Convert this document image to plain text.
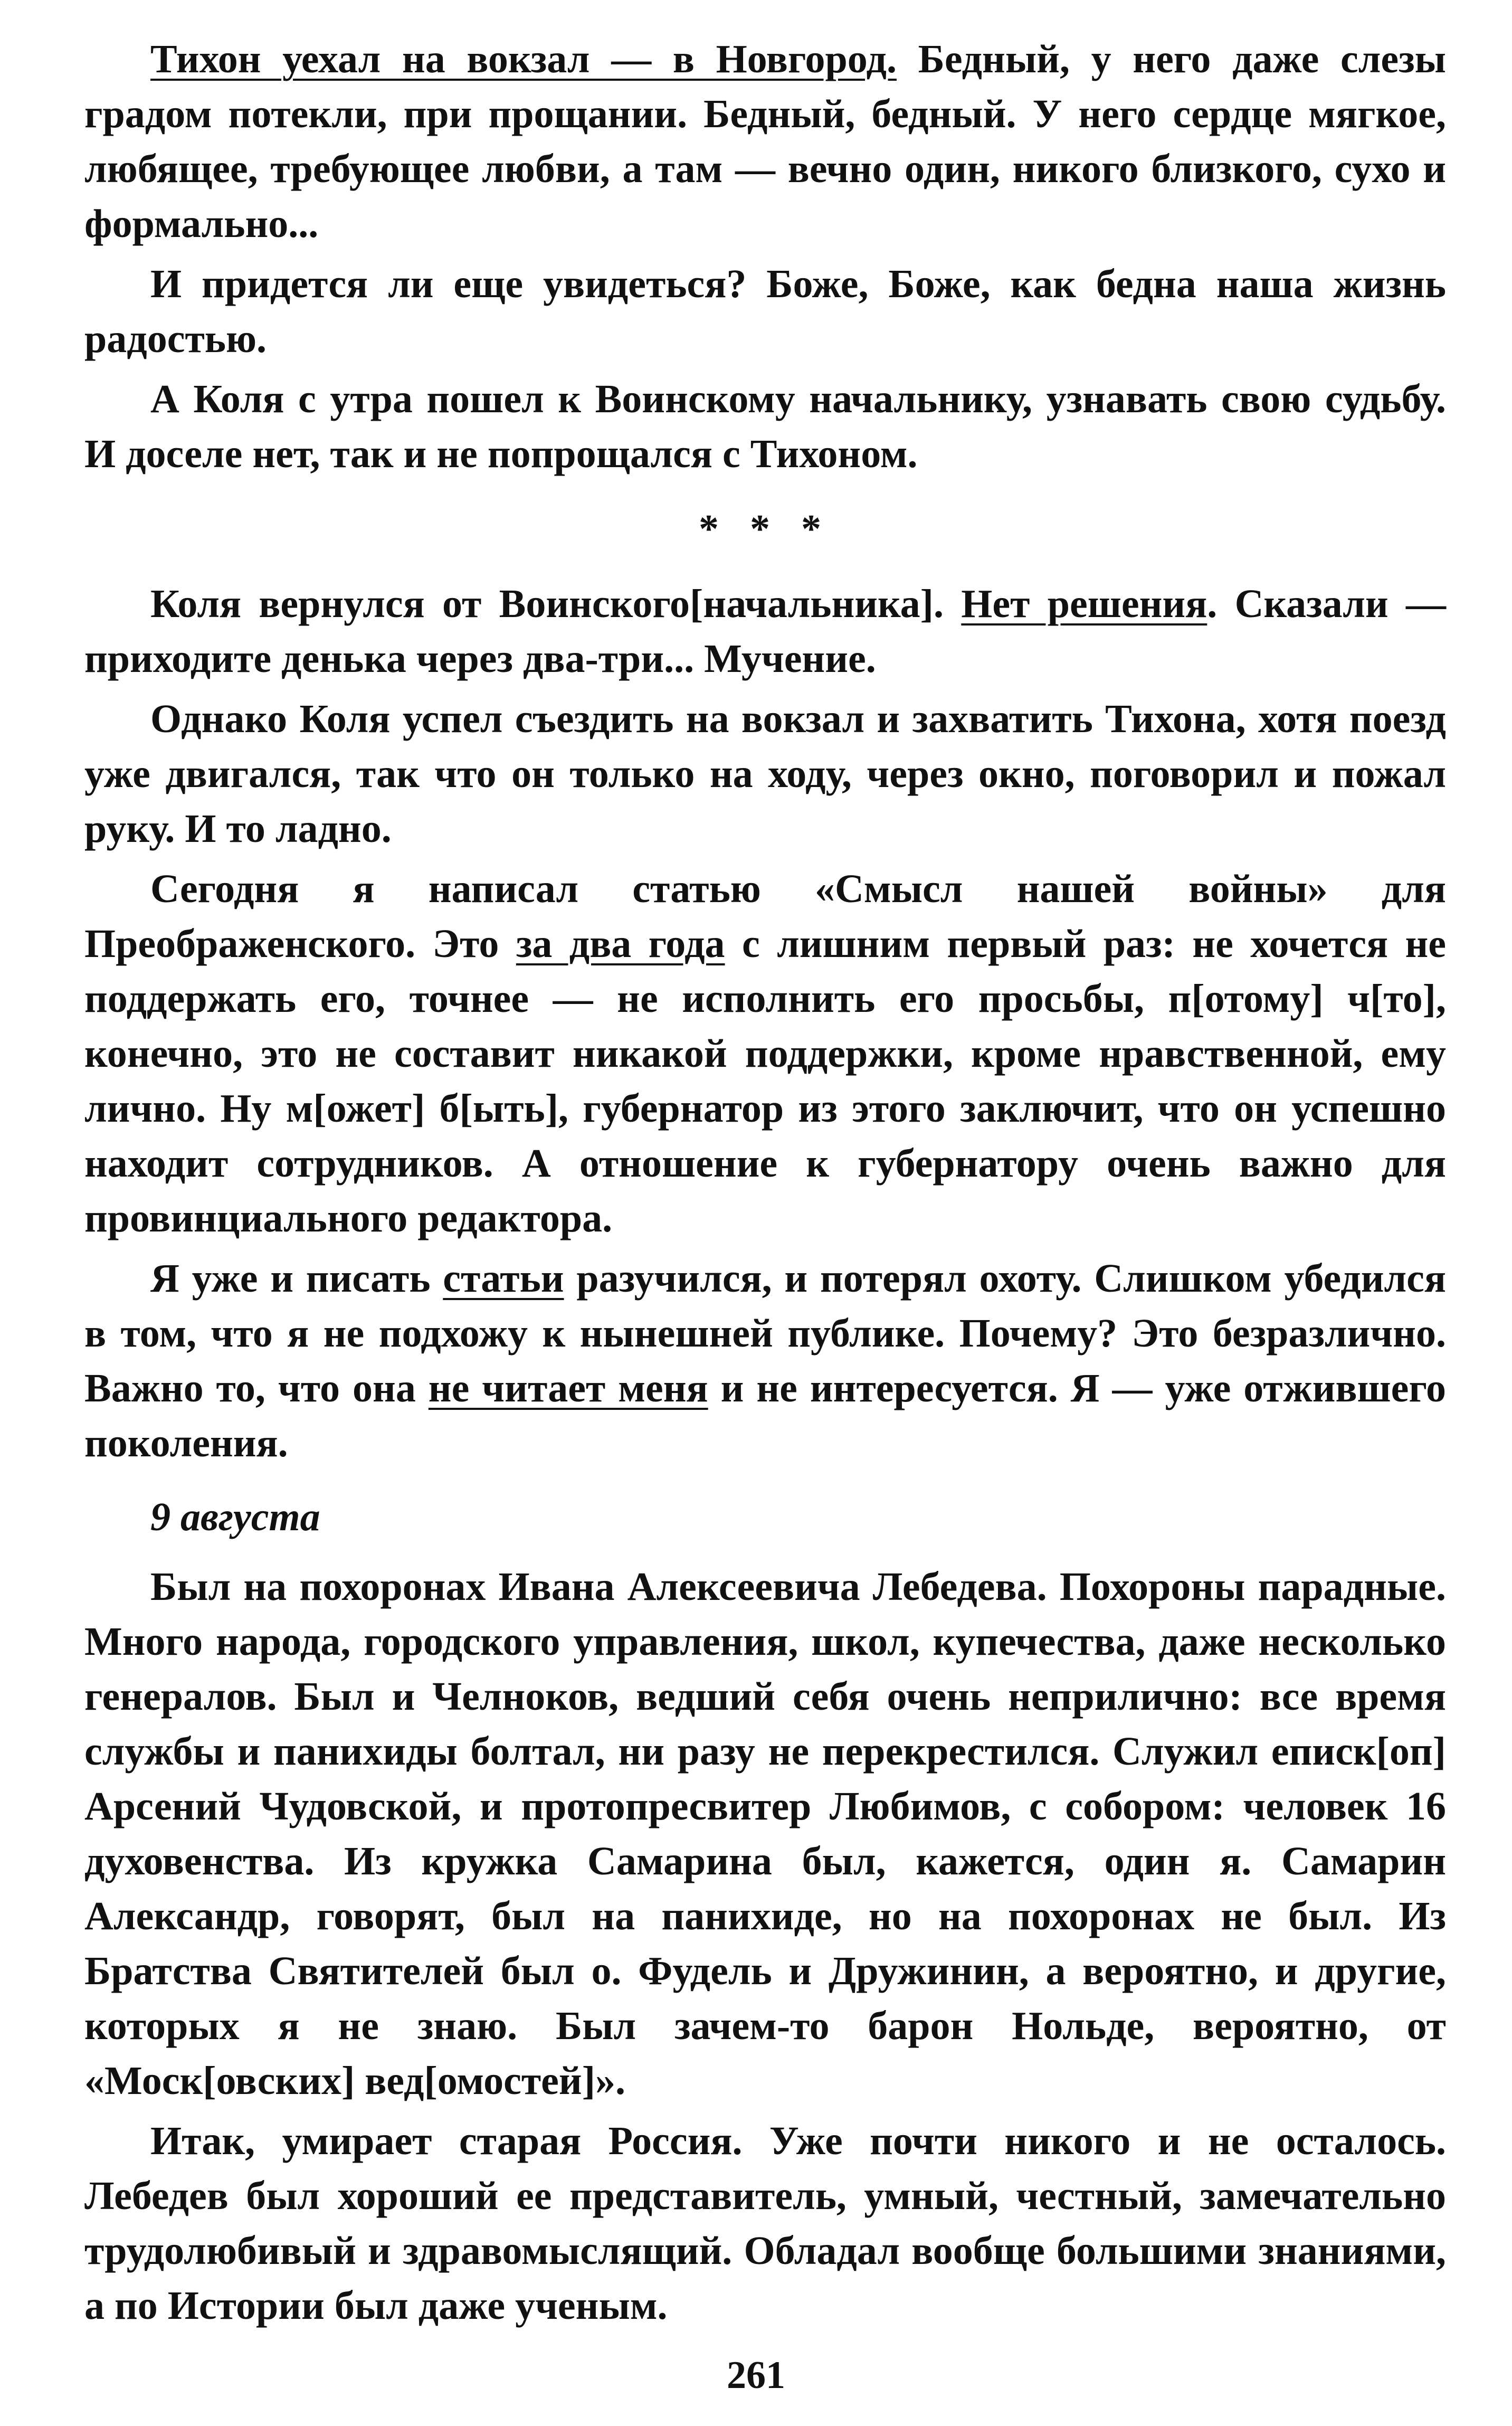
Тихон уехал на вокзал — в Новгород. Бедный, у него даже слезы градом потекли, при прощании. Бедный, бедный. У него сердце мягкое, любящее, требующее любви, а там — вечно один, никого близкого, сухо и формально...

И придется ли еще увидеться? Боже, Боже, как бедна наша жизнь радостью.

А Коля с утра пошел к Воинскому начальнику, узнавать свою судьбу. И доселе нет, так и не попрощался с Тихоном.

* * *

Коля вернулся от Воинского[начальника]. Нет решения. Сказали — приходите денька через два-три... Мучение.

Однако Коля успел съездить на вокзал и захватить Тихона, хотя поезд уже двигался, так что он только на ходу, через окно, поговорил и пожал руку. И то ладно.

Сегодня я написал статью «Смысл нашей войны» для Преображенского. Это за два года с лишним первый раз: не хочется не поддержать его, точнее — не исполнить его просьбы, п[отому] ч[то], конечно, это не составит никакой поддержки, кроме нравственной, ему лично. Ну м[ожет] б[ыть], губернатор из этого заключит, что он успешно находит сотрудников. А отношение к губернатору очень важно для провинциального редактора.

Я уже и писать статьи разучился, и потерял охоту. Слишком убедился в том, что я не подхожу к нынешней публике. Почему? Это безразлично. Важно то, что она не читает меня и не интересуется. Я — уже отжившего поколения.

9 августа

Был на похоронах Ивана Алексеевича Лебедева. Похороны парадные. Много народа, городского управления, школ, купечества, даже несколько генералов. Был и Челноков, ведший себя очень неприлично: все время службы и панихиды болтал, ни разу не перекрестился. Служил еписк[оп] Арсений Чудовской, и протопресвитер Любимов, с собором: человек 16 духовенства. Из кружка Самарина был, кажется, один я. Самарин Александр, говорят, был на панихиде, но на похоронах не был. Из Братства Святителей был о. Фудель и Дружинин, а вероятно, и другие, которых я не знаю. Был зачем-то барон Нольде, вероятно, от «Моск[овских] вед[омостей]».

Итак, умирает старая Россия. Уже почти никого и не осталось. Лебедев был хороший ее представитель, умный, честный, замечательно трудолюбивый и здравомыслящий. Обладал вообще большими знаниями, а по Истории был даже ученым.

261
